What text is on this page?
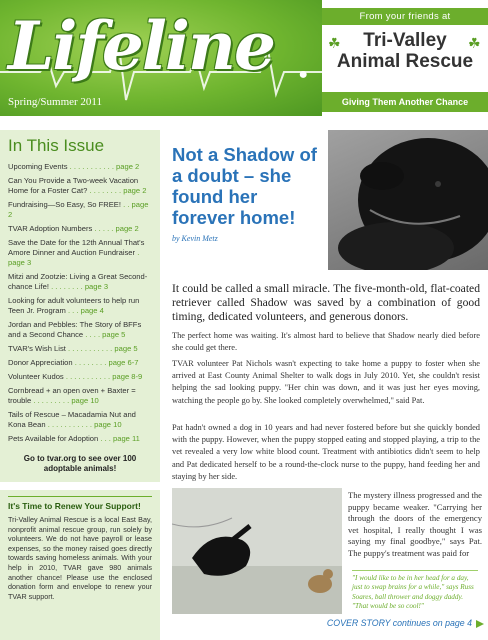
Lifeline ●
Spring/Summer 2011
From your friends at
☘	☘
Tri-Valley
Animal Rescue
Giving Them Another Chance
In This Issue
Upcoming Events . . . . . . . . . . . page 2
Can You Provide a Two-week Vacation Home for a Foster Cat? . . . . . . . . page 2
Fundraising—So Easy, So FREE! . . page 2
TVAR Adoption Numbers . . . . . page 2
Save the Date for the 12th Annual That's Amore Dinner and Auction Fundraiser . page 3
Mitzi and Zootzie: Living a Great Second-chance Life! . . . . . . . . page 3
Looking for adult volunteers to help run Teen Jr. Program . . . page 4
Jordan and Pebbles: The Story of BFFs and a Second Chance . . . . page 5
TVAR's Wish List . . . . . . . . . . . page 5
Donor Appreciation . . . . . . . . page 6-7
Volunteer Kudos . . . . . . . . . . . page 8-9
Cornbread + an open oven + Baxter = trouble . . . . . . . . . page 10
Tails of Rescue – Macadamia Nut and Kona Bean . . . . . . . . . . . page 10
Pets Available for Adoption . . . page 11
Go to tvar.org to see over 100 adoptable animals!
It's Time to Renew Your Support!
Tri-Valley Animal Rescue is a local East Bay, nonprofit animal rescue group, run solely by volunteers. We do not have payroll or lease expenses, so the money raised goes directly towards saving homeless animals. With your help in 2010, TVAR gave 980 animals another chance! Please use the enclosed donation form and envelope to renew your TVAR support.
Not a Shadow of a doubt – she found her forever home!
by Kevin Metz
It could be called a small miracle. The five-month-old, flat-coated retriever called Shadow was saved by a combination of good timing, dedicated volunteers, and generous donors.
The perfect home was waiting. It's almost hard to believe that Shadow nearly died before she could get there.
TVAR volunteer Pat Nichols wasn't expecting to take home a puppy to foster when she arrived at East County Animal Shelter to walk dogs in July 2010. Yet, she couldn't resist helping the sad looking puppy. "Her chin was down, and it was just her eyes moving, watching the people go by. She looked completely overwhelmed," said Pat.
Pat hadn't owned a dog in 10 years and had never fostered before but she quickly bonded with the puppy. However, when the puppy stopped eating and stopped playing, a trip to the vet revealed a very low white blood count. Treatment with antibiotics didn't seem to help and Pat dedicated herself to be a round-the-clock nurse to the puppy, hand feeding her and staying by her side.
The mystery illness progressed and the puppy became weaker. "Carrying her through the doors of the emergency vet hospital, I really thought I was saying my final goodbye," says Pat. The puppy's treatment was paid for
"I would like to be in her head for a day, just to swap brains for a while," says Russ Soares, ball thrower and doggy daddy. "That would be so cool!"
COVER STORY continues on page 4
